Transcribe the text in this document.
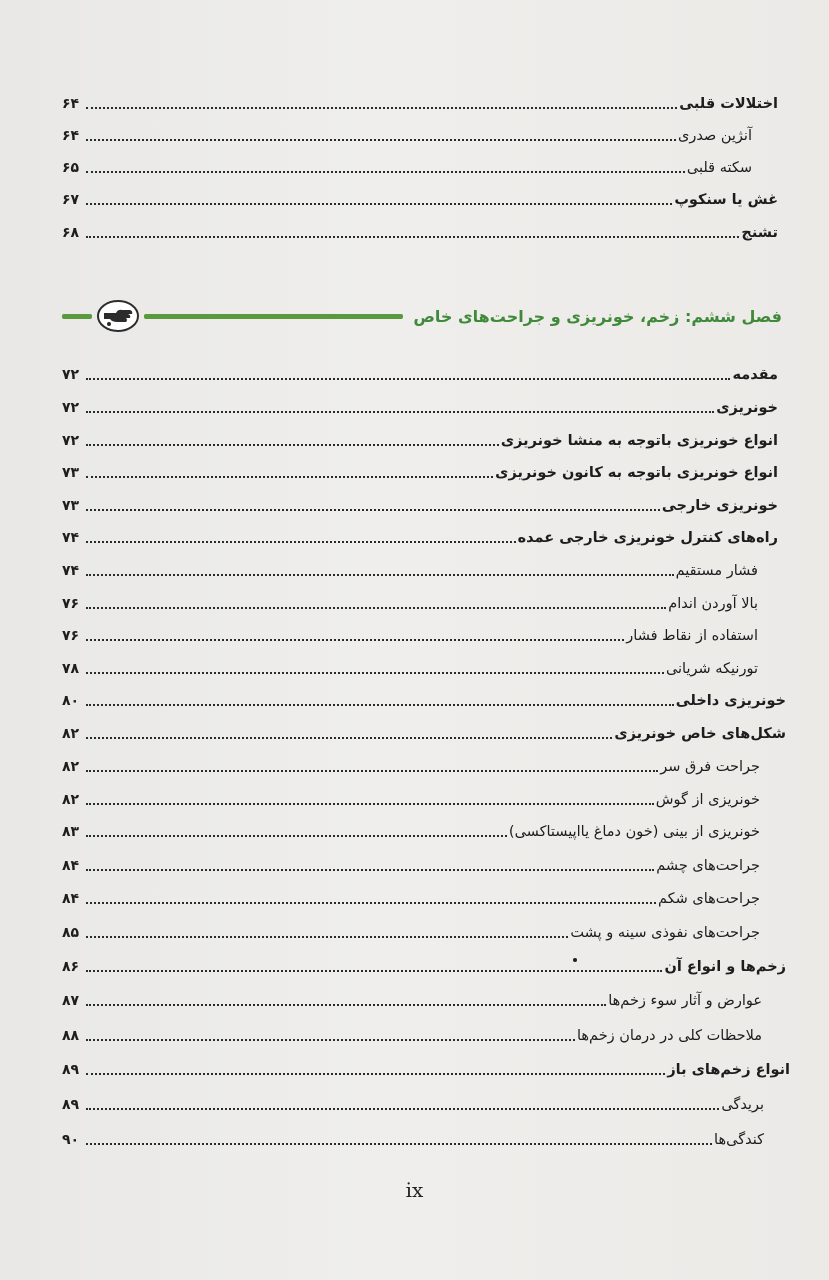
اختلالات قلبی
۶۴
آنژین صدری
۶۴
سکته قلبی
۶۵
غش یا سنکوپ
۶۷
تشنج
۶۸
فصل ششم: زخم، خونریزی و جراحت‌های خاص
مقدمه
۷۲
خونریزی
۷۲
انواع خونریزی باتوجه به منشا خونریزی
۷۲
انواع خونریزی باتوجه به کانون خونریزی
۷۳
خونریزی خارجی
۷۳
راه‌های کنترل خونریزی خارجی عمده
۷۴
فشار مستقیم
۷۴
بالا آوردن اندام
۷۶
استفاده از نقاط فشار
۷۶
تورنیکه شریانی
۷۸
خونریزی داخلی
۸۰
شکل‌های خاص خونریزی
۸۲
جراحت فرق سر
۸۲
خونریزی از گوش
۸۲
خونریزی از بینی (خون دماغ یااپیستاکسی)
۸۳
جراحت‌های چشم
۸۴
جراحت‌های شکم
۸۴
جراحت‌های نفوذی سینه و پشت
۸۵
زخم‌ها و انواع آن
۸۶
عوارض و آثار سوء زخم‌ها
۸۷
ملاحظات کلی در درمان زخم‌ها
۸۸
انواع زخم‌های باز
۸۹
بریدگی
۸۹
کندگی‌ها
۹۰
ix
